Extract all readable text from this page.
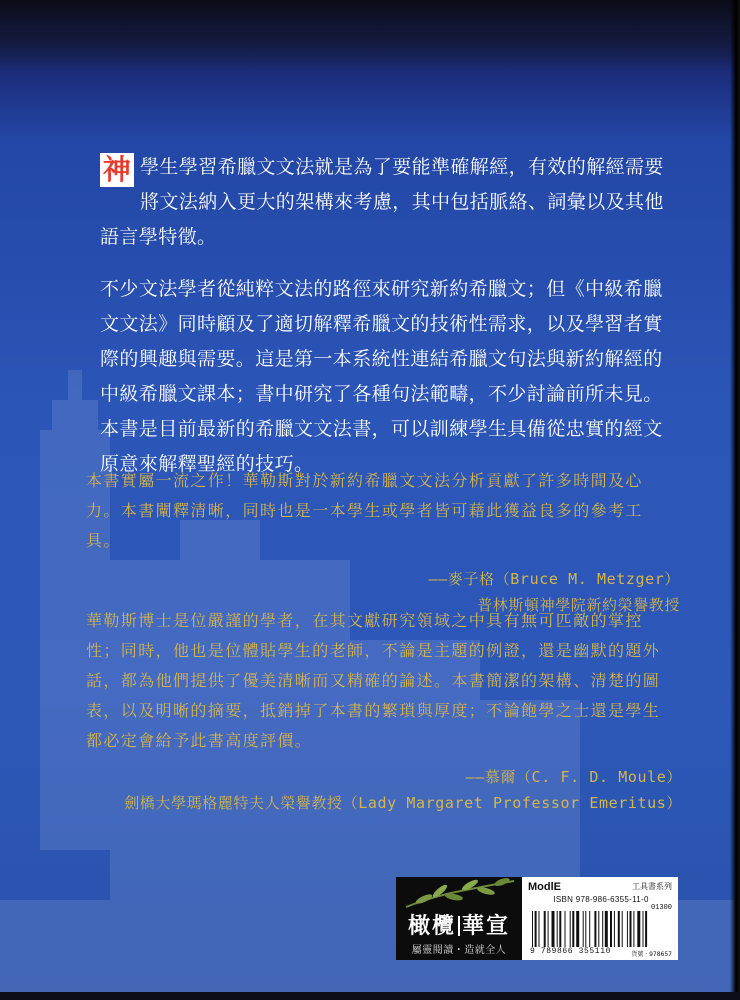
神 學生學習希臘文文法就是為了要能準確解經，有效的解經需要將文法納入更大的架構來考慮，其中包括脈絡、詞彙以及其他語言學特徵。

不少文法學者從純粹文法的路徑來研究新約希臘文；但《中級希臘文文法》同時顧及了適切解釋希臘文的技術性需求，以及學習者實際的興趣與需要。這是第一本系統性連結希臘文句法與新約解經的中級希臘文課本；書中研究了各種句法範疇，不少討論前所未見。本書是目前最新的希臘文文法書，可以訓練學生具備從忠實的經文原意來解釋聖經的技巧。

本書實屬一流之作！華勒斯對於新約希臘文文法分析貢獻了許多時間及心力。本書闡釋清晰，同時也是一本學生或學者皆可藉此獲益良多的參考工具。

——麥子格（Bruce M. Metzger）
普林斯頓神學院新約榮譽教授

華勒斯博士是位嚴謹的學者，在其文獻研究領域之中具有無可匹敵的掌控性；同時，他也是位體貼學生的老師，不論是主題的例證，還是幽默的題外話，都為他們提供了優美清晰而又精確的論述。本書簡潔的架構、清楚的圖表，以及明晰的摘要，抵銷掉了本書的繁瑣與厚度；不論飽學之士還是學生都必定會給予此書高度評價。

——慕爾（C. F. D. Moule）
劍橋大學瑪格麗特夫人榮譽教授（Lady Margaret Professor Emeritus）
橄欖 華宣
屬靈閱讀・造就全人
ModlE	工具書系列
ISBN 978-986-6355-11-0
01300
9 789866 355110	貨號 · 978657
